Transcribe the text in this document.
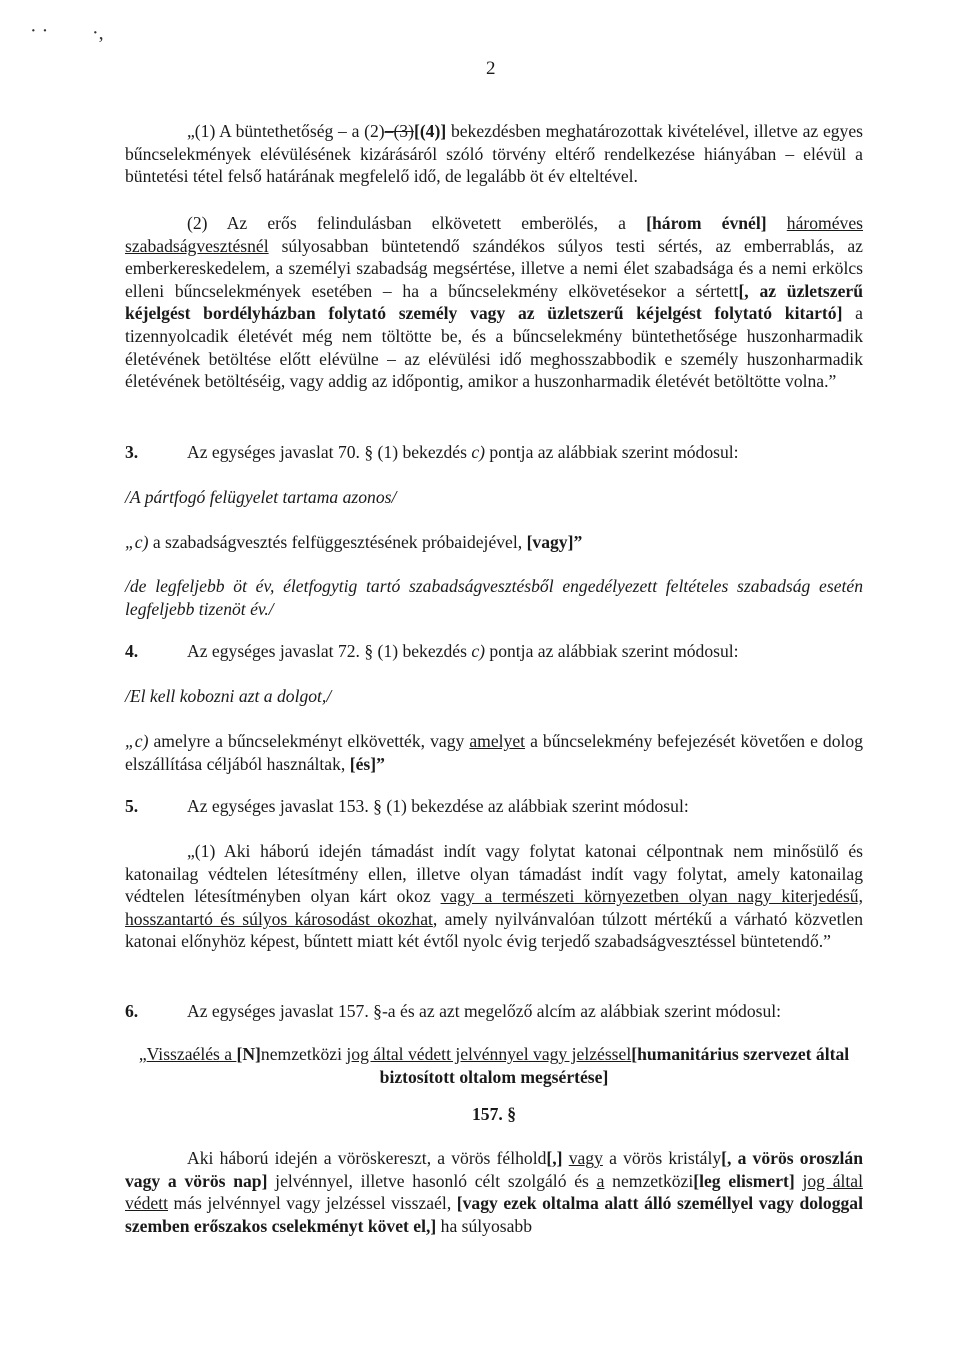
· · ·,
2
„(1) A büntethetőség – a (2)–(3)[(4)] bekezdésben meghatározottak kivételével, illetve az egyes bűncselekmények elévülésének kizárásáról szóló törvény eltérő rendelkezése hiányában – elévül a büntetési tétel felső határának megfelelő idő, de legalább öt év elteltével.
(2) Az erős felindulásban elkövetett emberölés, a [három évnél] hároméves szabadságvesztésnél súlyosabban büntetendő szándékos súlyos testi sértés, az emberrablás, az emberkereskedelem, a személyi szabadság megsértése, illetve a nemi élet szabadsága és a nemi erkölcs elleni bűncselekmények esetében – ha a bűncselekmény elkövetésekor a sértett[, az üzletszerű kéjelgést bordélyházban folytató személy vagy az üzletszerű kéjelgést folytató kitartó] a tizennyolcadik életévét még nem töltötte be, és a bűncselekmény büntethetősége huszonharmadik életévének betöltése előtt elévülne – az elévülési idő meghosszabbodik e személy huszonharmadik életévének betöltéséig, vagy addig az időpontig, amikor a huszonharmadik életévét betöltötte volna.”
3.	Az egységes javaslat 70. § (1) bekezdés c) pontja az alábbiak szerint módosul:
/A pártfogó felügyelet tartama azonos/
„c) a szabadságvesztés felfüggesztésének próbaidejével, [vagy]”
/de legfeljebb öt év, életfogytig tartó szabadságvesztésből engedélyezett feltételes szabadság esetén legfeljebb tizenöt év./
4.	Az egységes javaslat 72. § (1) bekezdés c) pontja az alábbiak szerint módosul:
/El kell kobozni azt a dolgot,/
„c) amelyre a bűncselekményt elkövették, vagy amelyet a bűncselekmény befejezését követően e dolog elszállítása céljából használtak, [és]”
5.	Az egységes javaslat 153. § (1) bekezdése az alábbiak szerint módosul:
„(1) Aki háború idején támadást indít vagy folytat katonai célpontnak nem minősülő és katonailag védtelen létesítmény ellen, illetve olyan támadást indít vagy folytat, amely katonailag védtelen létesítményben olyan kárt okoz vagy a természeti környezetben olyan nagy kiterjedésű, hosszantartó és súlyos károsodást okozhat, amely nyilvánvalóan túlzott mértékű a várható közvetlen katonai előnyhöz képest, bűntett miatt két évtől nyolc évig terjedő szabadságvesztéssel büntetendő.”
6.	Az egységes javaslat 157. §-a és az azt megelőző alcím az alábbiak szerint módosul:
„Visszaélés a [N]nemzetközi jog által védett jelvénnyel vagy jelzéssel[humanitárius szervezet által biztosított oltalom megsértése]
157. §
Aki háború idején a vöröskereszt, a vörös félhold[,] vagy a vörös kristály[, a vörös oroszlán vagy a vörös nap] jelvénnyel, illetve hasonló célt szolgáló és a nemzetközi[leg elismert] jog által védett más jelvénnyel vagy jelzéssel visszaél, [vagy ezek oltalma alatt álló személlyel vagy dologgal szemben erőszakos cselekményt követ el,] ha súlyosabb
